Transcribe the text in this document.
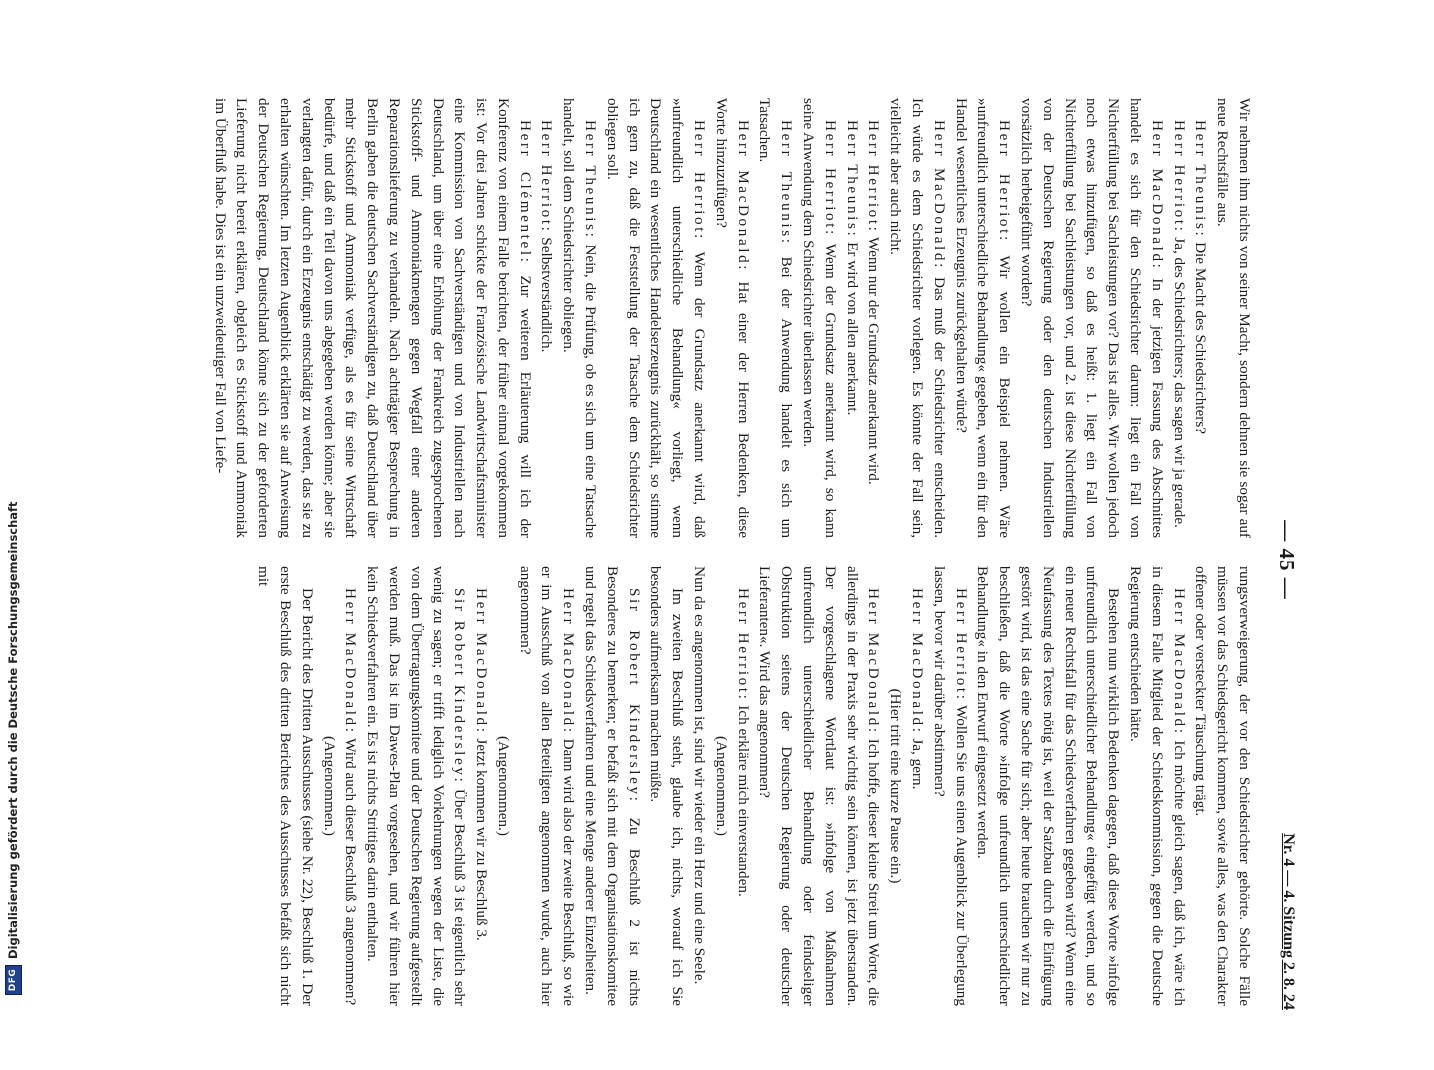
— 45 —
Nr. 4 — 4. Sitzung 2. 8. 24

Wir nehmen ihm nichts von seiner Macht, sondern dehnen sie sogar auf neue Rechtsfälle aus.

Herr Theunis: Die Macht des Schiedsrichters?

Herr Herriot: Ja, des Schiedsrichters; das sagen wir ja gerade.

Herr MacDonald: In der jetzigen Fassung des Abschnittes handelt es sich für den Schiedsrichter darum: liegt ein Fall von Nichterfüllung bei Sachleistungen vor? Das ist alles. Wir wollen jedoch noch etwas hinzufügen, so daß es heißt: 1. liegt ein Fall von Nichterfüllung bei Sachleistungen vor, und 2. ist diese Nichterfüllung von der Deutschen Regierung oder den deutschen Industriellen vorsätzlich herbeigeführt worden?

Herr Herriot: Wir wollen ein Beispiel nehmen. Wäre »unfreundlich unterschiedliche Behandlung« gegeben, wenn ein für den Handel wesentliches Erzeugnis zurückgehalten würde?

Herr MacDonald: Das muß der Schiedsrichter entscheiden. Ich würde es dem Schiedsrichter vorlegen. Es könnte der Fall sein, vielleicht aber auch nicht.

Herr Herriot: Wenn nur der Grundsatz anerkannt wird.

Herr Theunis: Er wird von allen anerkannt.

Herr Herriot: Wenn der Grundsatz anerkannt wird, so kann seine Anwendung dem Schiedsrichter überlassen werden.

Herr Theunis: Bei der Anwendung handelt es sich um Tatsachen.

Herr MacDonald: Hat einer der Herren Bedenken, diese Worte hinzuzufügen?

Herr Herriot: Wenn der Grundsatz anerkannt wird, daß »unfreundlich unterschiedliche Behandlung« vorliegt, wenn Deutschland ein wesentliches Handelserzeugnis zurückhält, so stimme ich gern zu, daß die Feststellung der Tatsache dem Schiedsrichter obliegen soll.

Herr Theunis: Nein, die Prüfung, ob es sich um eine Tatsache handelt, soll dem Schiedsrichter obliegen.

Herr Herriot: Selbstverständlich.

Herr Clémentel: Zur weiteren Erläuterung will ich der Konferenz von einem Falle berichten, der früher einmal vorgekommen ist: Vor drei Jahren schickte der Französische Landwirtschaftsminister eine Kommission von Sachverständigen und von Industriellen nach Deutschland, um über eine Erhöhung der Frankreich zugesprochenen Stickstoff- und Ammoniakmengen gegen Wegfall einer anderen Reparationslieferung zu verhandeln. Nach achttägiger Besprechung in Berlin gaben die deutschen Sachverständigen zu, daß Deutschland über mehr Stickstoff und Ammoniak verfüge, als es für seine Wirtschaft bedürfe, und daß ein Teil davon uns abgegeben werden könne; aber sie verlangten dafür, durch ein Erzeugnis entschädigt zu werden, das sie zu erhalten wünschten. Im letzten Augenblick erklärten sie auf Anweisung der Deutschen Regierung, Deutschland könne sich zu der geforderten Lieferung nicht bereit erklären, obgleich es Stickstoff und Ammoniak im Überfluß habe. Dies ist ein unzweideutiger Fall von Liefe-

rungsverweigerung, der vor den Schiedsrichter gehörte. Solche Fälle müssen vor das Schiedsgericht kommen, sowie alles, was den Charakter offener oder versteckter Täuschung trägt.

Herr MacDonald: Ich möchte gleich sagen, daß ich, wäre ich in diesem Falle Mitglied der Schiedskommission, gegen die Deutsche Regierung entschieden hätte.

Bestehen nun wirklich Bedenken dagegen, daß diese Worte »infolge unfreundlich unterschiedlicher Behandlung« eingefügt werden, und so ein neuer Rechtsfall für das Schiedsverfahren gegeben wird? Wenn eine Neufassung des Textes nötig ist, weil der Satzbau durch die Einfügung gestört wird, ist das eine Sache für sich; aber heute brauchen wir nur zu beschließen, daß die Worte »infolge unfreundlich unterschiedlicher Behandlung« in den Entwurf eingesetzt werden.

Herr Herriot: Wollen Sie uns einen Augenblick zur Überlegung lassen, bevor wir darüber abstimmen?

Herr MacDonald: Ja, gern.

(Hier tritt eine kurze Pause ein.)

Herr MacDonald: Ich hoffe, dieser kleine Streit um Worte, die allerdings in der Praxis sehr wichtig sein können, ist jetzt überstanden. Der vorgeschlagene Wortlaut ist: »infolge von Maßnahmen unfreundlich unterschiedlicher Behandlung oder feindseliger Obstruktion seitens der Deutschen Regierung oder deutscher Lieferanten«. Wird das angenommen?

Herr Herriot: Ich erkläre mich einverstanden.

(Angenommen.)

Nun da es angenommen ist, sind wir wieder ein Herz und eine Seele.

Im zweiten Beschluß steht, glaube ich, nichts, worauf ich Sie besonders aufmerksam machen müßte.

Sir Robert Kindersley: Zu Beschluß 2 ist nichts Besonderes zu bemerken; er befaßt sich mit dem Organisationskomitee und regelt das Schiedsverfahren und eine Menge anderer Einzelheiten.

Herr MacDonald: Dann wird also der zweite Beschluß, so wie er im Ausschuß von allen Beteiligten angenommen wurde, auch hier angenommen?

(Angenommen.)

Herr MacDonald: Jetzt kommen wir zu Beschluß 3.

Sir Robert Kindersley: Über Beschluß 3 ist eigentlich sehr wenig zu sagen; er trifft lediglich Vorkehrungen wegen der Liste, die von dem Übertragungskomitee und der Deutschen Regierung aufgestellt werden muß. Das ist im Dawes-Plan vorgesehen, und wir führen hier kein Schiedsverfahren ein. Es ist nichts Strittiges darin enthalten.

Herr MacDonald: Wird auch dieser Beschluß 3 angenommen?

(Angenommen.)

Der Bericht des Dritten Ausschusses (siehe Nr. 22), Beschluß 1. Der erste Beschluß des dritten Berichtes des Ausschusses befaßt sich nicht mit

DFGDigitalisierung gefördert durch die Deutsche Forschungsgemeinschaft
